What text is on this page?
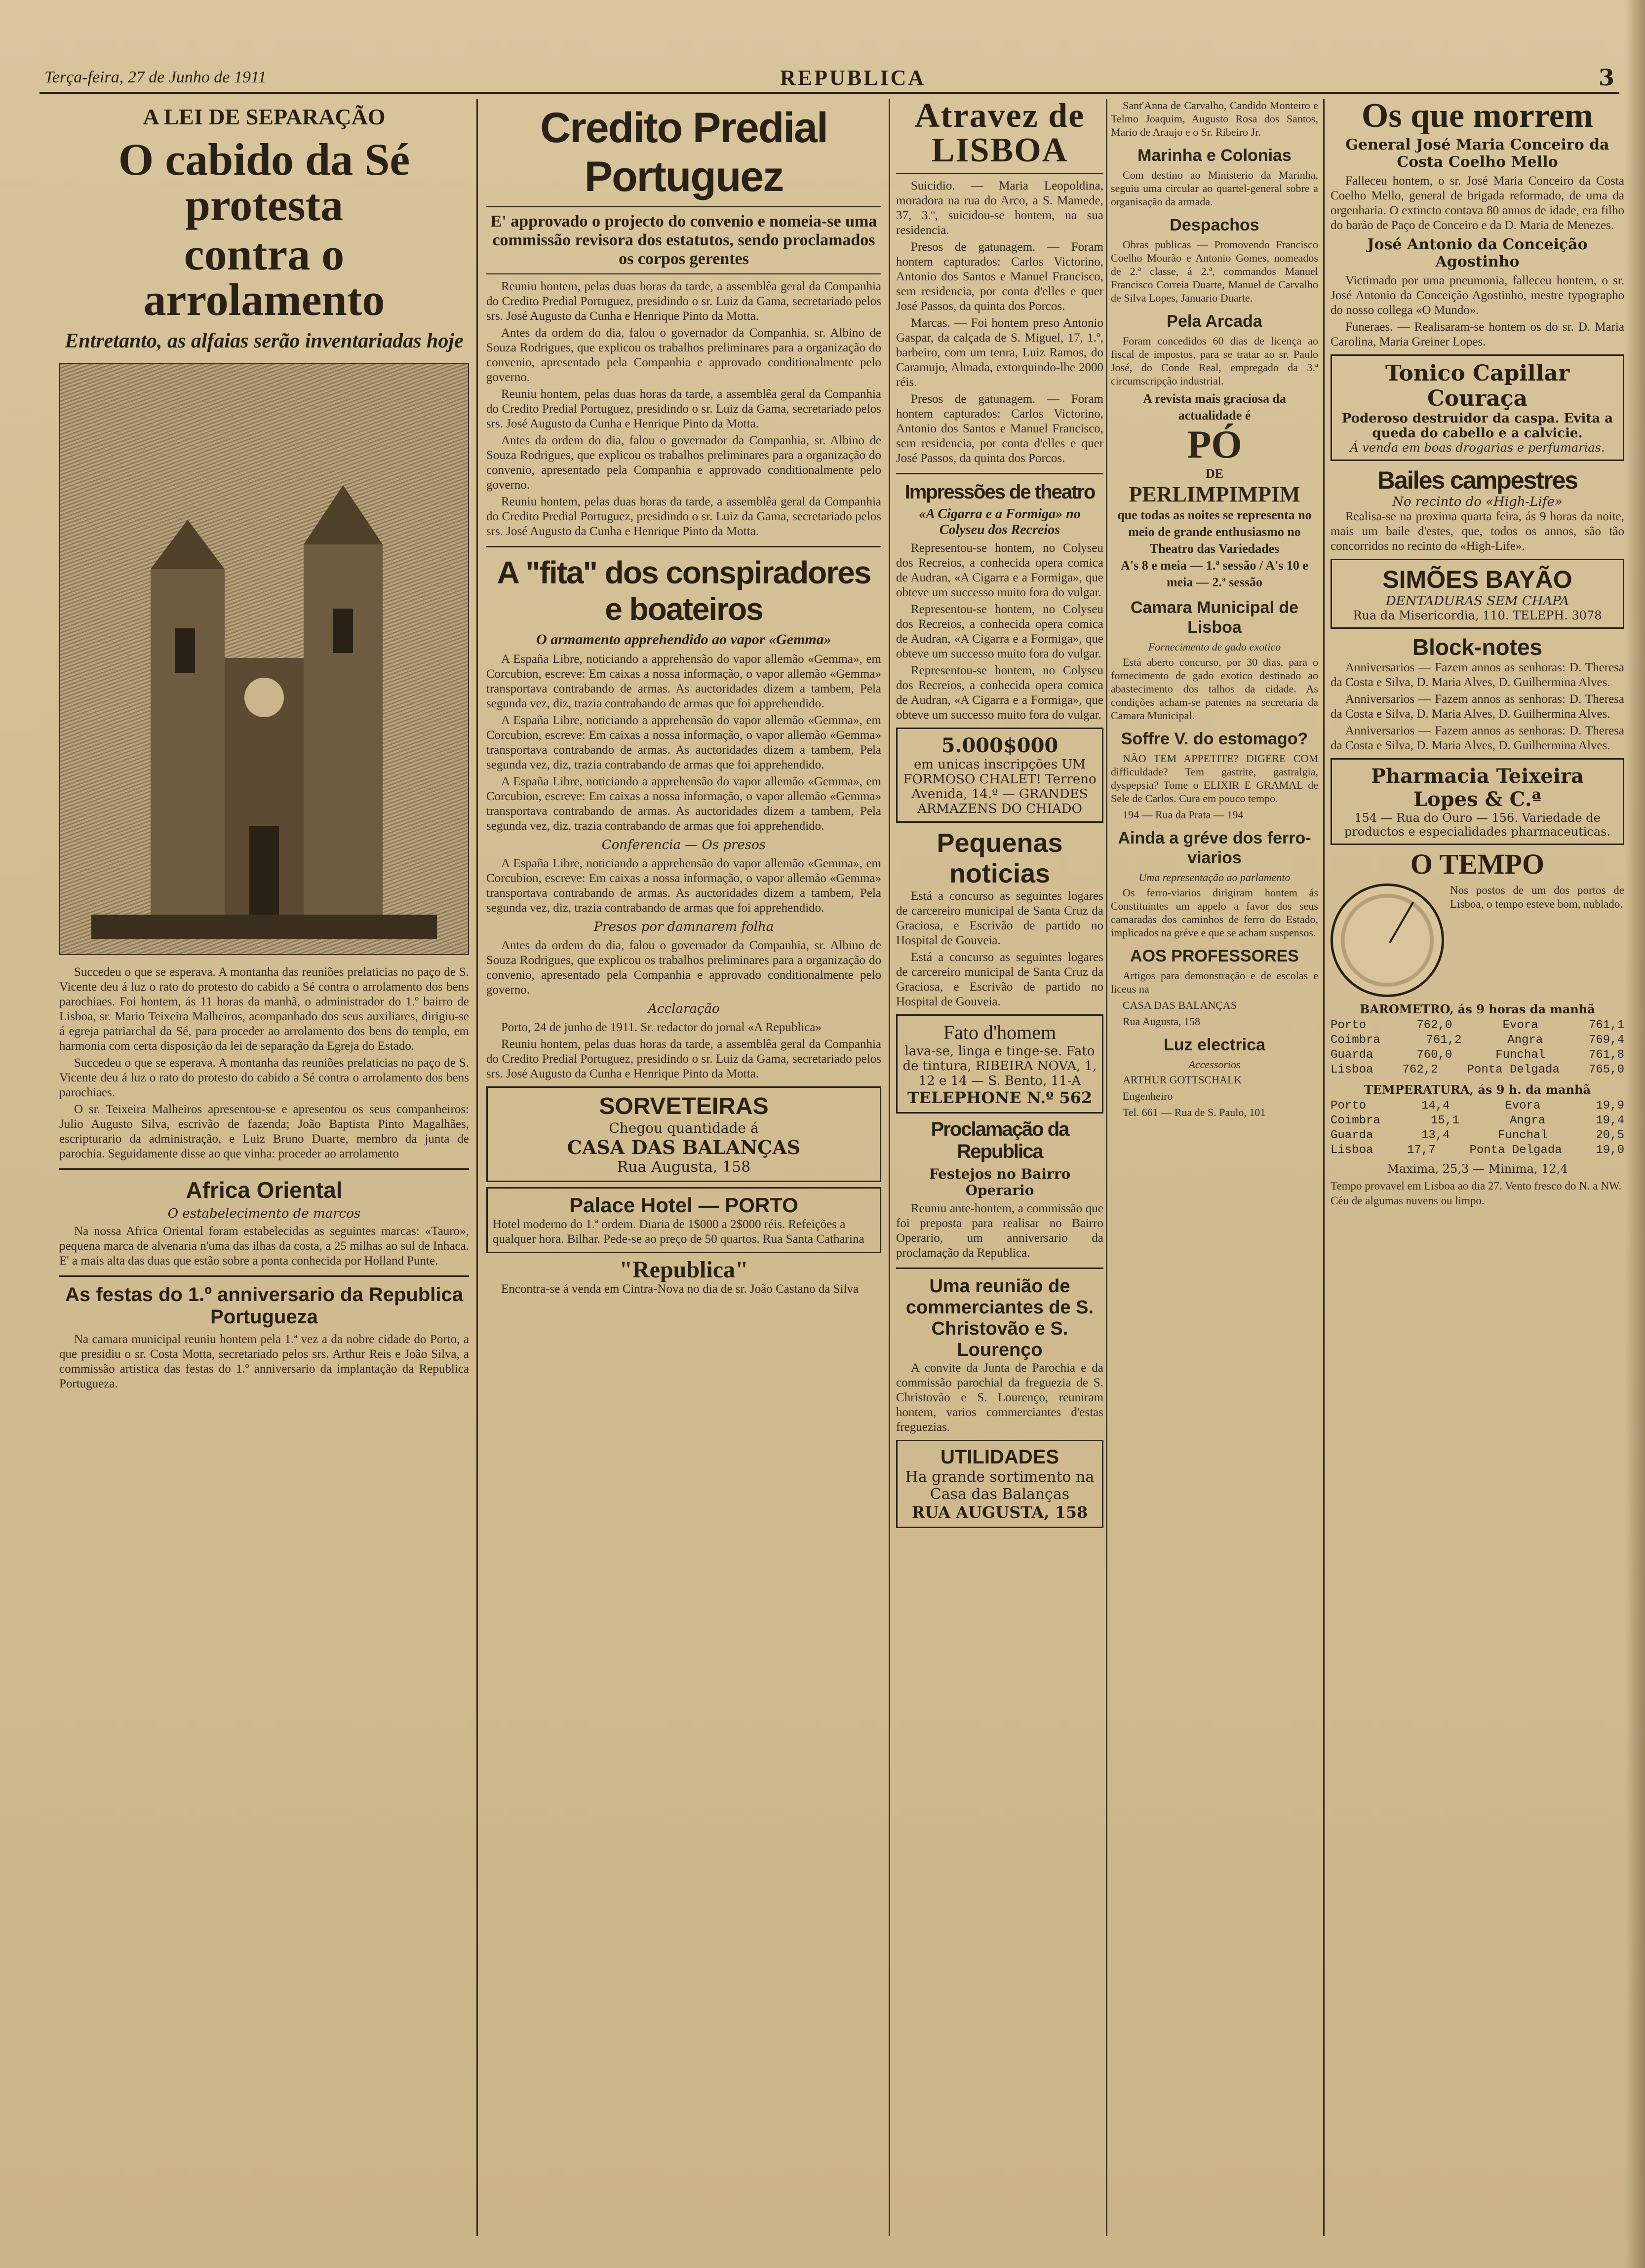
Terça-feira, 27 de Junho de 1911	REPUBLICA	3
A LEI DE SEPARAÇÃO
O cabido da Sé protesta
contra o arrolamento
Entretanto, as alfaias serão inventariadas hoje

Succedeu o que se esperava. A montanha das reuniões prelaticias no paço de S. Vicente deu á luz o rato do protesto do cabido a Sé contra o arrolamento dos bens parochiaes. Foi hontem, ás 11 horas da manhã, o administrador do 1.º bairro de Lisboa, sr. Mario Teixeira Malheiros, acompanhado dos seus auxiliares, dirigiu-se á egreja patriarchal da Sé, para proceder ao arrolamento dos bens do templo, em harmonia com certa disposição da lei de separação da Egreja do Estado.

Succedeu o que se esperava. A montanha das reuniões prelaticias no paço de S. Vicente deu á luz o rato do protesto do cabido a Sé contra o arrolamento dos bens parochiaes.

O sr. Teixeira Malheiros apresentou-se e apresentou os seus companheiros: Julio Augusto Silva, escrivão de fazenda; João Baptista Pinto Magalhães, escripturario da administração, e Luiz Bruno Duarte, membro da junta de parochia. Seguidamente disse ao que vinha: proceder ao arrolamento

Africa Oriental
O estabelecimento de marcos

Na nossa Africa Oriental foram estabelecidas as seguintes marcas: «Tauro», pequena marca de alvenaria n'uma das ilhas da costa, a 25 milhas ao sul de Inhaca. E' a mais alta das duas que estão sobre a ponta conhecida por Holland Punte.

As festas do 1.º anniversario da Republica Portugueza

Na camara municipal reuniu hontem pela 1.ª vez a da nobre cidade do Porto, a que presidiu o sr. Costa Motta, secretariado pelos srs. Arthur Reis e João Silva, a commissão artistica das festas do 1.º anniversario da implantação da Republica Portugueza.

Credito Predial Portuguez
E' approvado o projecto do convenio e nomeia-se uma commissão revisora dos estatutos, sendo proclamados os corpos gerentes

Reuniu hontem, pelas duas horas da tarde, a assemblêa geral da Companhia do Credito Predial Portuguez, presidindo o sr. Luiz da Gama, secretariado pelos srs. José Augusto da Cunha e Henrique Pinto da Motta.

Antes da ordem do dia, falou o governador da Companhia, sr. Albino de Souza Rodrigues, que explicou os trabalhos preliminares para a organização do convenio, apresentado pela Companhia e approvado conditionalmente pelo governo.

Reuniu hontem, pelas duas horas da tarde, a assemblêa geral da Companhia do Credito Predial Portuguez, presidindo o sr. Luiz da Gama, secretariado pelos srs. José Augusto da Cunha e Henrique Pinto da Motta.

Antes da ordem do dia, falou o governador da Companhia, sr. Albino de Souza Rodrigues, que explicou os trabalhos preliminares para a organização do convenio, apresentado pela Companhia e approvado conditionalmente pelo governo.

Reuniu hontem, pelas duas horas da tarde, a assemblêa geral da Companhia do Credito Predial Portuguez, presidindo o sr. Luiz da Gama, secretariado pelos srs. José Augusto da Cunha e Henrique Pinto da Motta.

A "fita" dos conspiradores e boateiros
O armamento apprehendido ao vapor «Gemma»

A España Libre, noticiando a apprehensão do vapor allemão «Gemma», em Corcubion, escreve: Em caixas a nossa informação, o vapor allemão «Gemma» transportava contrabando de armas. As auctoridades dizem a tambem, Pela segunda vez, diz, trazia contrabando de armas que foi apprehendido.

A España Libre, noticiando a apprehensão do vapor allemão «Gemma», em Corcubion, escreve: Em caixas a nossa informação, o vapor allemão «Gemma» transportava contrabando de armas. As auctoridades dizem a tambem, Pela segunda vez, diz, trazia contrabando de armas que foi apprehendido.

A España Libre, noticiando a apprehensão do vapor allemão «Gemma», em Corcubion, escreve: Em caixas a nossa informação, o vapor allemão «Gemma» transportava contrabando de armas. As auctoridades dizem a tambem, Pela segunda vez, diz, trazia contrabando de armas que foi apprehendido.

Conferencia — Os presos

A España Libre, noticiando a apprehensão do vapor allemão «Gemma», em Corcubion, escreve: Em caixas a nossa informação, o vapor allemão «Gemma» transportava contrabando de armas. As auctoridades dizem a tambem, Pela segunda vez, diz, trazia contrabando de armas que foi apprehendido.

Presos por damnarem folha

Antes da ordem do dia, falou o governador da Companhia, sr. Albino de Souza Rodrigues, que explicou os trabalhos preliminares para a organização do convenio, apresentado pela Companhia e approvado conditionalmente pelo governo.

Acclaração

Porto, 24 de junho de 1911. Sr. redactor do jornal «A Republica»

Reuniu hontem, pelas duas horas da tarde, a assemblêa geral da Companhia do Credito Predial Portuguez, presidindo o sr. Luiz da Gama, secretariado pelos srs. José Augusto da Cunha e Henrique Pinto da Motta.

SORVETEIRAS
Chegou quantidade á
CASA DAS BALANÇAS
Rua Augusta, 158
Palace Hotel — PORTO
Hotel moderno do 1.ª ordem. Diaria de 1$000 a 2$000 réis. Refeições a qualquer hora. Bilhar. Pede-se ao preço de 50 quartos. Rua Santa Catharina
"Republica"

Encontra-se á venda em Cintra-Nova no dia de sr. João Castano da Silva

Atravez de LISBOA

Suicidio. — Maria Leopoldina, moradora na rua do Arco, a S. Mamede, 37, 3.º, suicidou-se hontem, na sua residencia.

Presos de gatunagem. — Foram hontem capturados: Carlos Victorino, Antonio dos Santos e Manuel Francisco, sem residencia, por conta d'elles e quer José Passos, da quinta dos Porcos.

Marcas. — Foi hontem preso Antonio Gaspar, da calçada de S. Miguel, 17, 1.º, barbeiro, com um tenra, Luiz Ramos, do Caramujo, Almada, extorquindo-lhe 2000 réis.

Presos de gatunagem. — Foram hontem capturados: Carlos Victorino, Antonio dos Santos e Manuel Francisco, sem residencia, por conta d'elles e quer José Passos, da quinta dos Porcos.

Impressões de theatro
«A Cigarra e a Formiga» no Colyseu dos Recreios

Representou-se hontem, no Colyseu dos Recreios, a conhecida opera comica de Audran, «A Cigarra e a Formiga», que obteve um successo muito fora do vulgar.

Representou-se hontem, no Colyseu dos Recreios, a conhecida opera comica de Audran, «A Cigarra e a Formiga», que obteve um successo muito fora do vulgar.

Representou-se hontem, no Colyseu dos Recreios, a conhecida opera comica de Audran, «A Cigarra e a Formiga», que obteve um successo muito fora do vulgar.

5.000$000
em unicas inscripções UM FORMOSO CHALET! Terreno Avenida, 14.º — GRANDES ARMAZENS DO CHIADO
Pequenas noticias

Está a concurso as seguintes logares de carcereiro municipal de Santa Cruz da Graciosa, e Escrivão de partido no Hospital de Gouveia.

Está a concurso as seguintes logares de carcereiro municipal de Santa Cruz da Graciosa, e Escrivão de partido no Hospital de Gouveia.

Fato d'homem
lava-se, linga e tinge-se. Fato de tintura, RIBEIRA NOVA, 1, 12 e 14 — S. Bento, 11-A
TELEPHONE N.º 562
Proclamação da Republica
Festejos no Bairro Operario

Reuniu ante-hontem, a commissão que foi preposta para realisar no Bairro Operario, um anniversario da proclamação da Republica.

Uma reunião de commerciantes de S. Christovão e S. Lourenço

A convite da Junta de Parochia e da commissão parochial da freguezia de S. Christovão e S. Lourenço, reuniram hontem, varios commerciantes d'estas freguezias.

UTILIDADES
Ha grande sortimento na Casa das Balanças
RUA AUGUSTA, 158
Os que morrem
General José Maria Conceiro da Costa Coelho Mello

Falleceu hontem, o sr. José Maria Conceiro da Costa Coelho Mello, general de brigada reformado, de uma da orgenharia. O extincto contava 80 annos de idade, era filho do barão de Paço de Conceiro e da D. Maria de Menezes.

José Antonio da Conceição Agostinho

Victimado por uma pneumonia, falleceu hontem, o sr. José Antonio da Conceição Agostinho, mestre typographo do nosso collega «O Mundo».

Funeraes. — Realisaram-se hontem os do sr. D. Maria Carolina, Maria Greiner Lopes.

Tonico Capillar Couraça
Poderoso destruidor da caspa. Evita a queda do cabello e a calvicie.
Á venda em boas drogarias e perfumarias.
Bailes campestres
No recinto do «High-Life»

Realisa-se na proxima quarta feira, ás 9 horas da noite, mais um baile d'estes, que, todos os annos, são tão concorridos no recinto do «High-Life».

SIMÕES BAYÃO
DENTADURAS SEM CHAPA
Rua da Misericordia, 110. TELEPH. 3078
Block-notes

Anniversarios — Fazem annos as senhoras: D. Theresa da Costa e Silva, D. Maria Alves, D. Guilhermina Alves.

Anniversarios — Fazem annos as senhoras: D. Theresa da Costa e Silva, D. Maria Alves, D. Guilhermina Alves.

Anniversarios — Fazem annos as senhoras: D. Theresa da Costa e Silva, D. Maria Alves, D. Guilhermina Alves.

Pharmacia Teixeira Lopes & C.ª
154 — Rua do Ouro — 156. Variedade de productos e especialidades pharmaceuticas.
O TEMPO
Nos postos de um dos portos de Lisboa, o tempo esteve bom, nublado.
BAROMETRO, ás 9 horas da manhã
Porto	762,0	Evora	761,1
Coimbra	761,2	Angra	769,4
Guarda	760,0	Funchal	761,8
Lisboa 762,2 Ponta Delgada 765,0
TEMPERATURA, ás 9 h. da manhã
Porto	14,4	Evora	19,9
Coimbra	15,1	Angra	19,4
Guarda	13,4	Funchal	20,5
Lisboa	17,7	Ponta Delgada	19,0
Maxima, 25,3 — Minima, 12,4
Tempo provavel em Lisboa ao dia 27. Vento fresco do N. a NW.
Céu de algumas nuvens ou limpo.
Sant'Anna de Carvalho, Candido Monteiro e Telmo Joaquim, Augusto Rosa dos Santos, Mario de Araujo e o Sr. Ribeiro Jr.
Marinha e Colonias
Com destino ao Ministerio da Marinha, seguiu uma circular ao quartel-general sobre a organisação da armada.
Despachos
Obras publicas — Promovendo Francisco Coelho Mourão e Antonio Gomes, nomeados de 2.ª classe, á 2.ª, commandos Manuel Francisco Correia Duarte, Manuel de Carvalho de Silva Lopes, Januario Duarte.
Pela Arcada
Foram concedidos 60 dias de licença ao fiscal de impostos, para se tratar ao sr. Paulo José, do Conde Real, empregado da 3.ª circumscripção industrial.
A revista mais graciosa da actualidade é
PÓ
DE
PERLIMPIMPIM
que todas as noites se representa no meio de grande enthusiasmo no
Theatro das Variedades
A's 8 e meia — 1.ª sessão / A's 10 e meia — 2.ª sessão
Camara Municipal de Lisboa
Fornecimento de gado exotico
Está aberto concurso, por 30 dias, para o fornecimento de gado exotico destinado ao abastecimento dos talhos da cidade. As condições acham-se patentes na secretaria da Camara Municipal.
Soffre V. do estomago?
NÃO TEM APPETITE? DIGERE COM difficuldade? Tem gastrite, gastralgia, dyspepsia? Tome o ELIXIR E GRAMAL de Sele de Carlos. Cura em pouco tempo.
194 — Rua da Prata — 194
Ainda a gréve dos ferro-viarios
Uma representação ao parlamento
Os ferro-viarios dirigiram hontem ás Constituintes um appelo a favor dos seus camaradas dos caminhos de ferro do Estado, implicados na gréve e que se acham suspensos.
AOS PROFESSORES
Artigos para demonstração e de escolas e liceus na
CASA DAS BALANÇAS
Rua Augusta, 158
Luz electrica
Accessorios
ARTHUR GOTTSCHALK
Engenheiro
Tel. 661 — Rua de S. Paulo, 101
